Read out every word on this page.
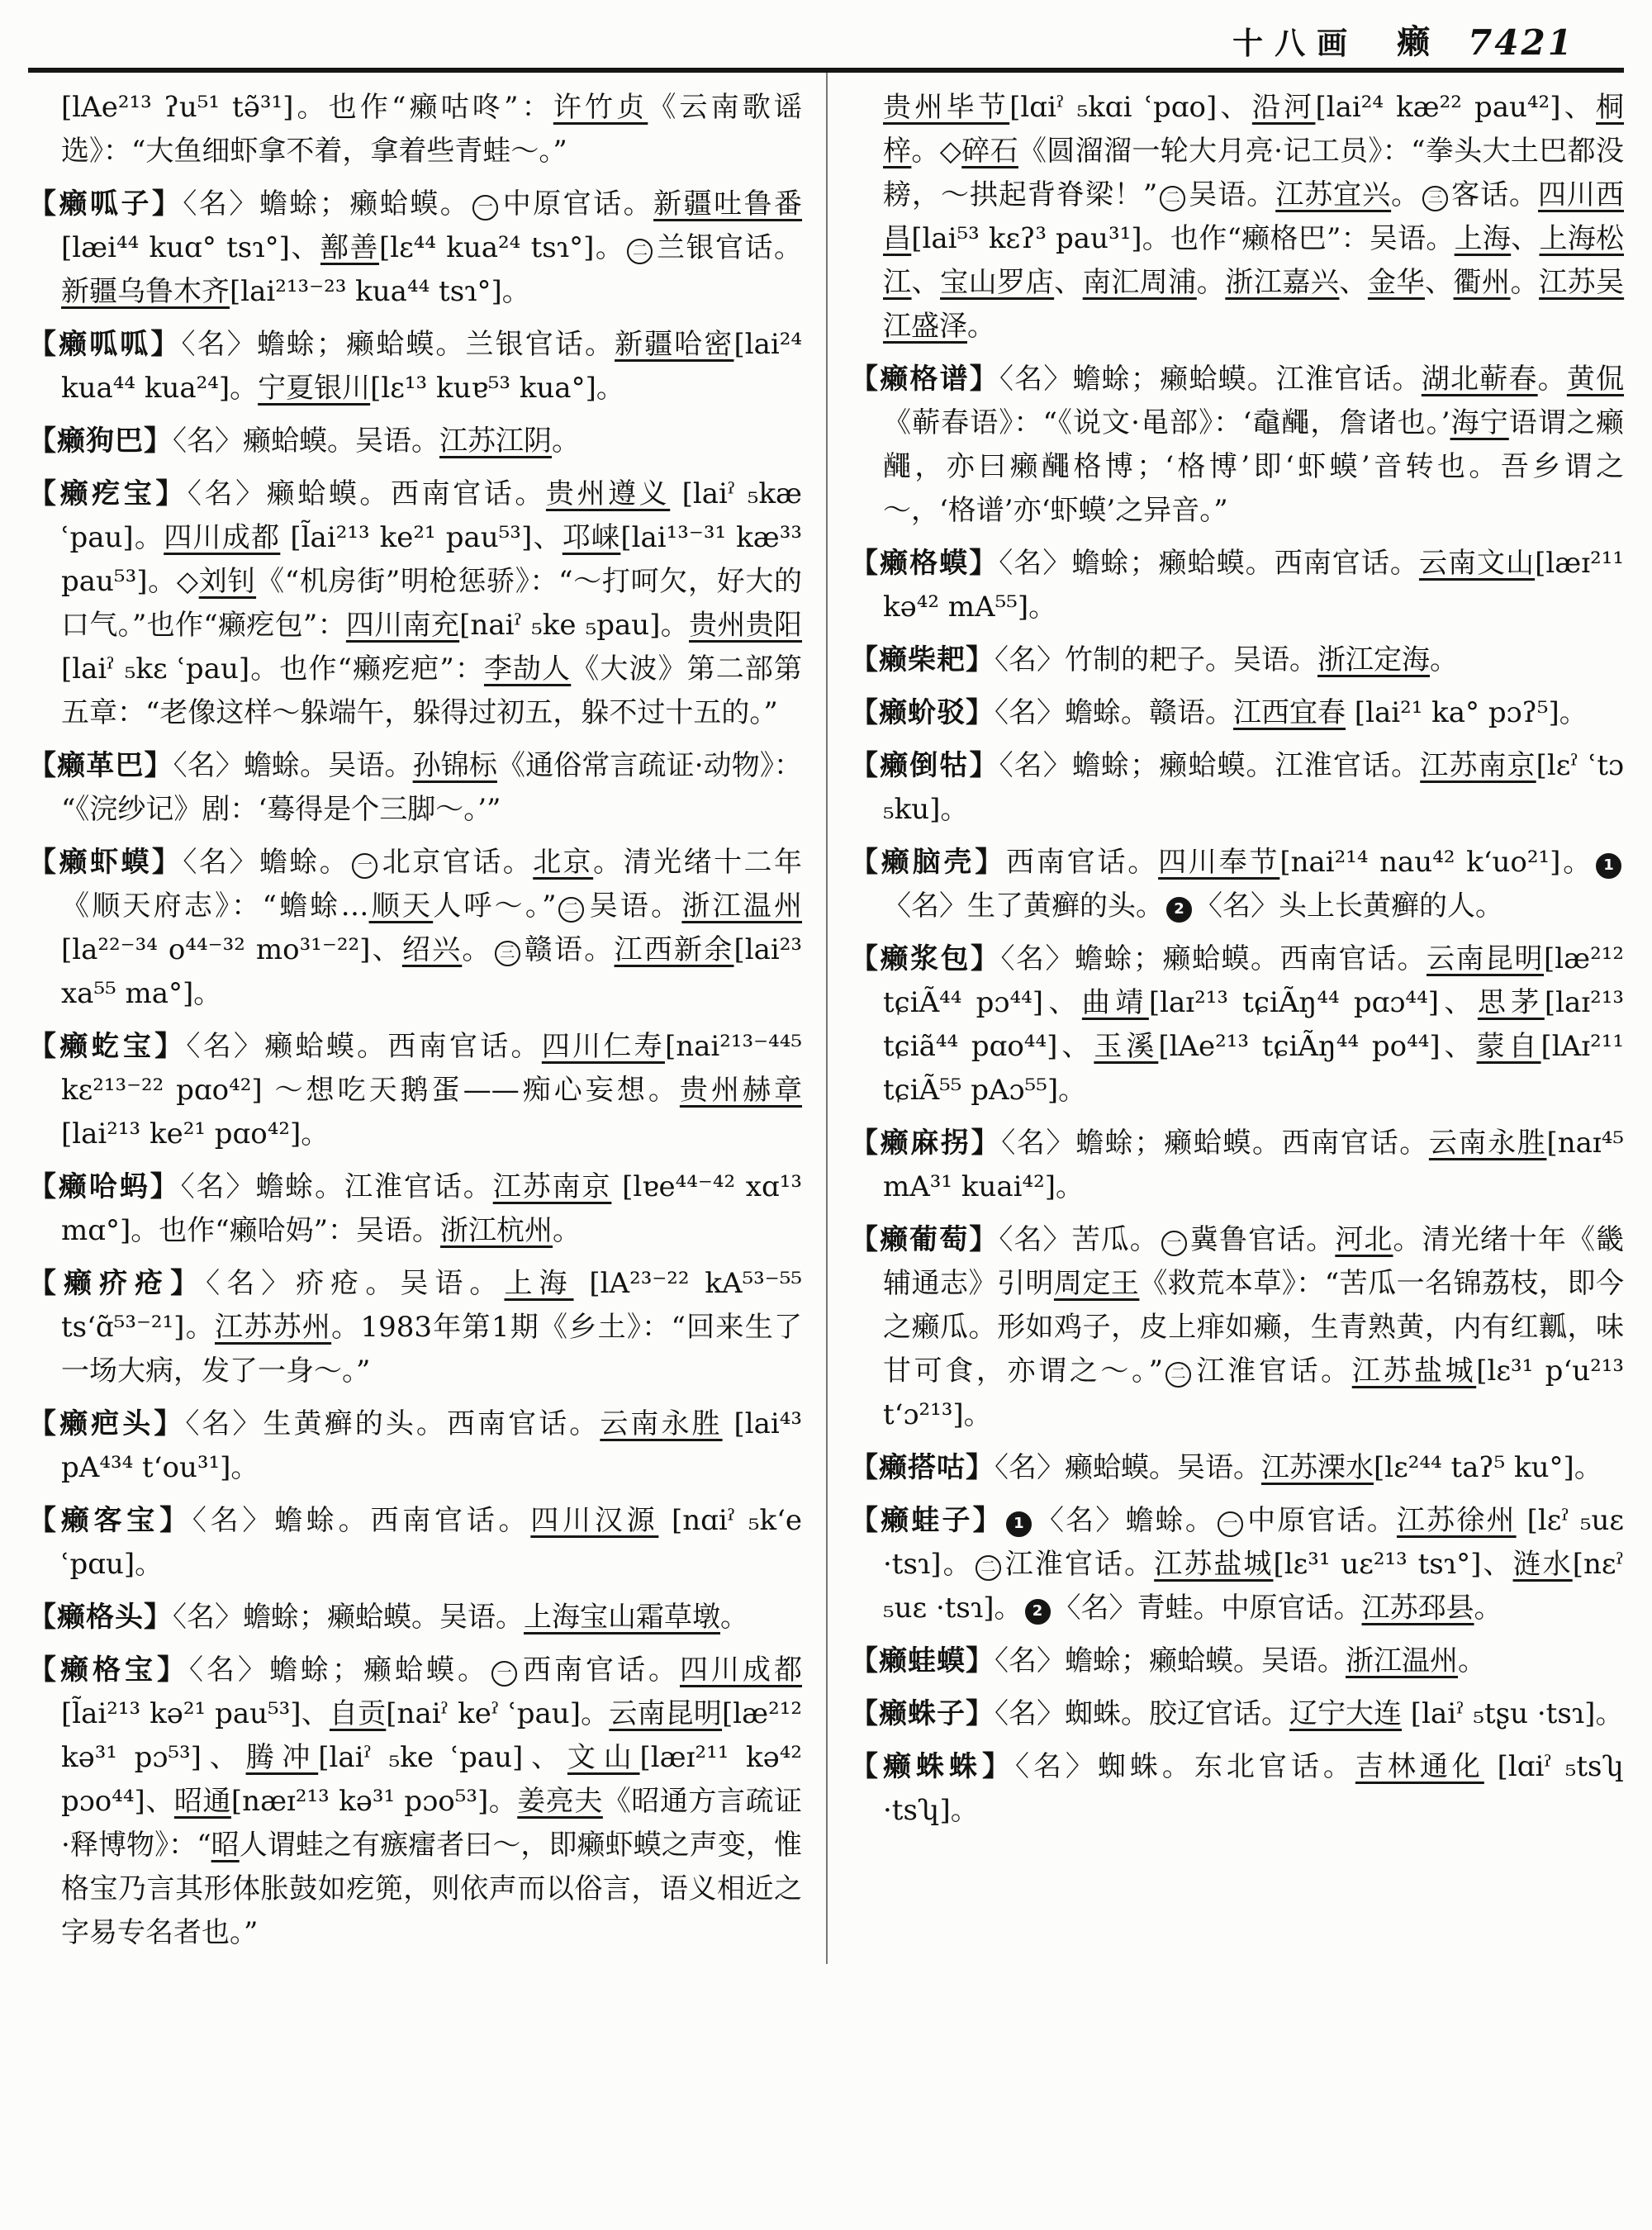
十八画 癞 7421
[lAe²¹³ ʔu⁵¹ tə̃³¹]。也作“癞咕咚”：许竹贞《云南歌谣选》：“大鱼细虾拿不着，拿着些青蛙～。”
【癞呱子】〈名〉蟾蜍；癞蛤蟆。 一 中原官话。新疆吐鲁番 [læi⁴⁴ kuɑ° tsɿ°]、鄯善[lɛ⁴⁴ kua²⁴ tsɿ°]。 二 兰银官话。新疆乌鲁木齐[lai²¹³⁻²³ kua⁴⁴ tsɿ°]。
【癞呱呱】〈名〉蟾蜍；癞蛤蟆。兰银官话。新疆哈密[lai²⁴ kua⁴⁴ kua²⁴]。宁夏银川[lɛ¹³ kuɐ⁵³ kua°]。
【癞狗巴】〈名〉癞蛤蟆。吴语。江苏江阴。
【癞疙宝】〈名〉癞蛤蟆。西南官话。贵州遵义 [laiˀ ₅kæ ʿpau]。四川成都 [l̃ai²¹³ ke²¹ pau⁵³]、邛崃[lai¹³⁻³¹ kæ³³ pau⁵³]。◇刘钊《“机房街”明枪惩骄》：“～打呵欠，好大的口气。”也作“癞疙包”：四川南充[naiˀ ₅ke ₅pau]。贵州贵阳[laiˀ ₅kɛ ʿpau]。也作“癞疙疤”：李劼人《大波》第二部第五章：“老像这样～躲端午，躲得过初五，躲不过十五的。”
【癞革巴】〈名〉蟾蜍。吴语。孙锦标《通俗常言疏证·动物》：“《浣纱记》剧：‘蓦得是个三脚～。’”
【癞虾蟆】〈名〉蟾蜍。 一 北京官话。北京。清光绪十二年《顺天府志》：“蟾蜍…顺天人呼～。” 二 吴语。浙江温州[la²²⁻³⁴ o⁴⁴⁻³² mo³¹⁻²²]、绍兴。 三 赣语。江西新余[lai²³ xa⁵⁵ ma°]。
【癞虼宝】〈名〉癞蛤蟆。西南官话。四川仁寿[nai²¹³⁻⁴⁴⁵ kɛ²¹³⁻²² pɑo⁴²] ～想吃天鹅蛋——痴心妄想。贵州赫章[lai²¹³ ke²¹ pɑo⁴²]。
【癞哈蚂】〈名〉蟾蜍。江淮官话。江苏南京 [lɐe⁴⁴⁻⁴² xɑ¹³ mɑ°]。也作“癞哈妈”：吴语。浙江杭州。
【癞疥疮】〈名〉疥疮。吴语。上海 [lA²³⁻²² kA⁵³⁻⁵⁵ tsʻɑ̃⁵³⁻²¹]。江苏苏州。1983年第1期《乡土》：“回来生了一场大病，发了一身～。”
【癞疤头】〈名〉生黄癣的头。西南官话。云南永胜 [lai⁴³ pA⁴³⁴ tʻou³¹]。
【癞客宝】〈名〉蟾蜍。西南官话。四川汉源 [nɑiˀ ₅kʻe ʿpɑu]。
【癞格头】〈名〉蟾蜍；癞蛤蟆。吴语。上海宝山霜草墩。
【癞格宝】〈名〉蟾蜍；癞蛤蟆。 一 西南官话。四川成都[l̃ai²¹³ kə²¹ pau⁵³]、自贡[naiˀ keˀ ʿpau]。云南昆明[læ²¹² kə³¹ pɔ⁵³]、腾冲[laiˀ ₅ke ʿpau]、文山[læɪ²¹¹ kə⁴² pɔo⁴⁴]、昭通[næɪ²¹³ kə³¹ pɔo⁵³]。姜亮夫《昭通方言疏证·释博物》：“昭人谓蛙之有瘯癗者曰～，即癞虾蟆之声变，惟格宝乃言其形体胀鼓如疙篼，则依声而以俗言，语义相近之字易专名者也。”
贵州毕节[lɑiˀ ₅kɑi ʿpɑo]、沿河[lai²⁴ kæ²² pau⁴²]、桐梓。◇碎石《圆溜溜一轮大月亮·记工员》：“拳头大土巴都没耪，～拱起背脊梁！” 二 吴语。江苏宜兴。 三 客话。四川西昌[lai⁵³ kɛʔ³ pau³¹]。也作“癞格巴”：吴语。上海、上海松江、宝山罗店、南汇周浦。浙江嘉兴、金华、衢州。江苏吴江盛泽。
【癞格谱】〈名〉蟾蜍；癞蛤蟆。江淮官话。湖北蕲春。黄侃《蕲春语》：“《说文·黾部》：‘鼀𪓰，詹诸也。’海宁语谓之癞𪓰，亦曰癞𪓰格博；‘格博’即‘虾蟆’音转也。吾乡谓之～，‘格谱’亦‘虾蟆’之异音。”
【癞格蟆】〈名〉蟾蜍；癞蛤蟆。西南官话。云南文山[læɪ²¹¹ kə⁴² mA⁵⁵]。
【癞柴耙】〈名〉竹制的耙子。吴语。浙江定海。
【癞蚧驳】〈名〉蟾蜍。赣语。江西宜春 [lai²¹ ka° pɔʔ⁵]。
【癞倒牯】〈名〉蟾蜍；癞蛤蟆。江淮官话。江苏南京[lɛˀ ʿtɔ ₅ku]。
【癞脑壳】西南官话。四川奉节[nai²¹⁴ nau⁴² kʻuo²¹]。 1〈名〉生了黄癣的头。 2 〈名〉头上长黄癣的人。
【癞浆包】〈名〉蟾蜍；癞蛤蟆。西南官话。云南昆明[læ²¹² tɕiÃ⁴⁴ pɔ⁴⁴]、曲靖[laɪ²¹³ tɕiÃŋ⁴⁴ pɑɔ⁴⁴]、思茅[laɪ²¹³ tɕiã⁴⁴ pɑo⁴⁴]、玉溪[lAe²¹³ tɕiÃŋ⁴⁴ po⁴⁴]、蒙自[lAɪ²¹¹ tɕiÃ⁵⁵ pAɔ⁵⁵]。
【癞麻拐】〈名〉蟾蜍；癞蛤蟆。西南官话。云南永胜[naɪ⁴⁵ mA³¹ kuai⁴²]。
【癞葡萄】〈名〉苦瓜。 一 冀鲁官话。河北。清光绪十年《畿辅通志》引明周定王《救荒本草》：“苦瓜一名锦荔枝，即今之癞瓜。形如鸡子，皮上痱如癞，生青熟黄，内有红瓤，味甘可食，亦谓之～。” 二 江淮官话。江苏盐城[lɛ³¹ pʻu²¹³ tʻɔ²¹³]。
【癞搭咕】〈名〉癞蛤蟆。吴语。江苏溧水[lɛ²⁴⁴ taʔ⁵ ku°]。
【癞蛙子】 1 〈名〉蟾蜍。 一 中原官话。江苏徐州 [lɛˀ ₅uɛ ·tsɿ]。 二 江淮官话。江苏盐城[lɛ³¹ uɛ²¹³ tsɿ°]、涟水[nɛˀ ₅uɛ ·tsɿ]。 2 〈名〉青蛙。中原官话。江苏邳县。
【癞蛙蟆】〈名〉蟾蜍；癞蛤蟆。吴语。浙江温州。
【癞蛛子】〈名〉蜘蛛。胶辽官话。辽宁大连 [laiˀ ₅tʂu ·tsɿ]。
【癞蛛蛛】〈名〉蜘蛛。东北官话。吉林通化 [lɑiˀ ₅tsʮ ·tsʮ]。
